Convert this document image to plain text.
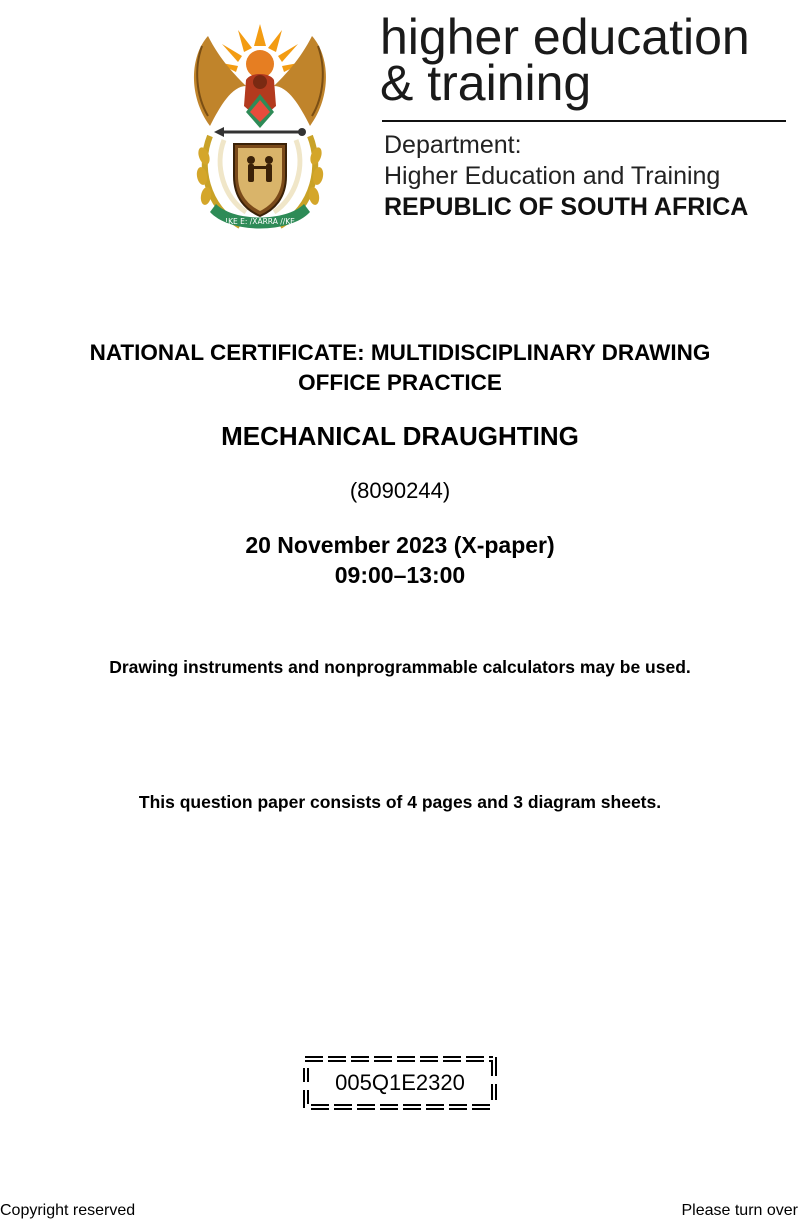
!KE E: /XARRA //KE
higher education
& training
Department:
Higher Education and Training
REPUBLIC OF SOUTH AFRICA
NATIONAL CERTIFICATE: MULTIDISCIPLINARY DRAWING
OFFICE PRACTICE
MECHANICAL DRAUGHTING
(8090244)
20 November 2023 (X-paper)
09:00–13:00
Drawing instruments and nonprogrammable calculators may be used.
This question paper consists of 4 pages and 3 diagram sheets.
005Q1E2320
Copyright reserved	Please turn over
